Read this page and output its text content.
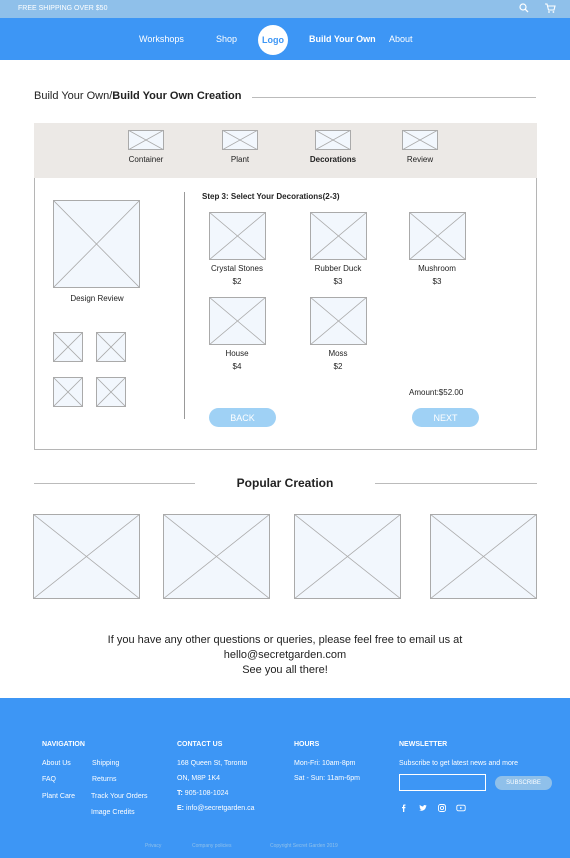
FREE SHIPPING OVER $50
Workshops	Shop	Logo	Build Your Own About
Build Your Own/Build Your Own Creation
Container	Plant	Decorations	Review
Design Review
Step 3: Select Your Decorations(2-3)
Crystal Stones
$2
Rubber Duck
$3
Mushroom
$3
House
$4
Moss
$2
Amount:$52.00
BACK	NEXT
Popular Creation
If you have any other questions or queries, please feel free to email us at
hello@secretgarden.com
See you all there!
NAVIGATION
About Us
FAQ
Plant Care
Shipping
Returns
Track Your Orders
Image Credits
CONTACT US
168 Queen St, Toronto
ON, M8P 1K4
T: 905-108-1024
E: info@secretgarden.ca
HOURS
Mon-Fri: 10am-8pm
Sat - Sun: 11am-6pm
NEWSLETTER
Subscribe to get latest news and more
SUBSCRIBE
Privacy	Company policies	Copyright Secret Garden 2019
